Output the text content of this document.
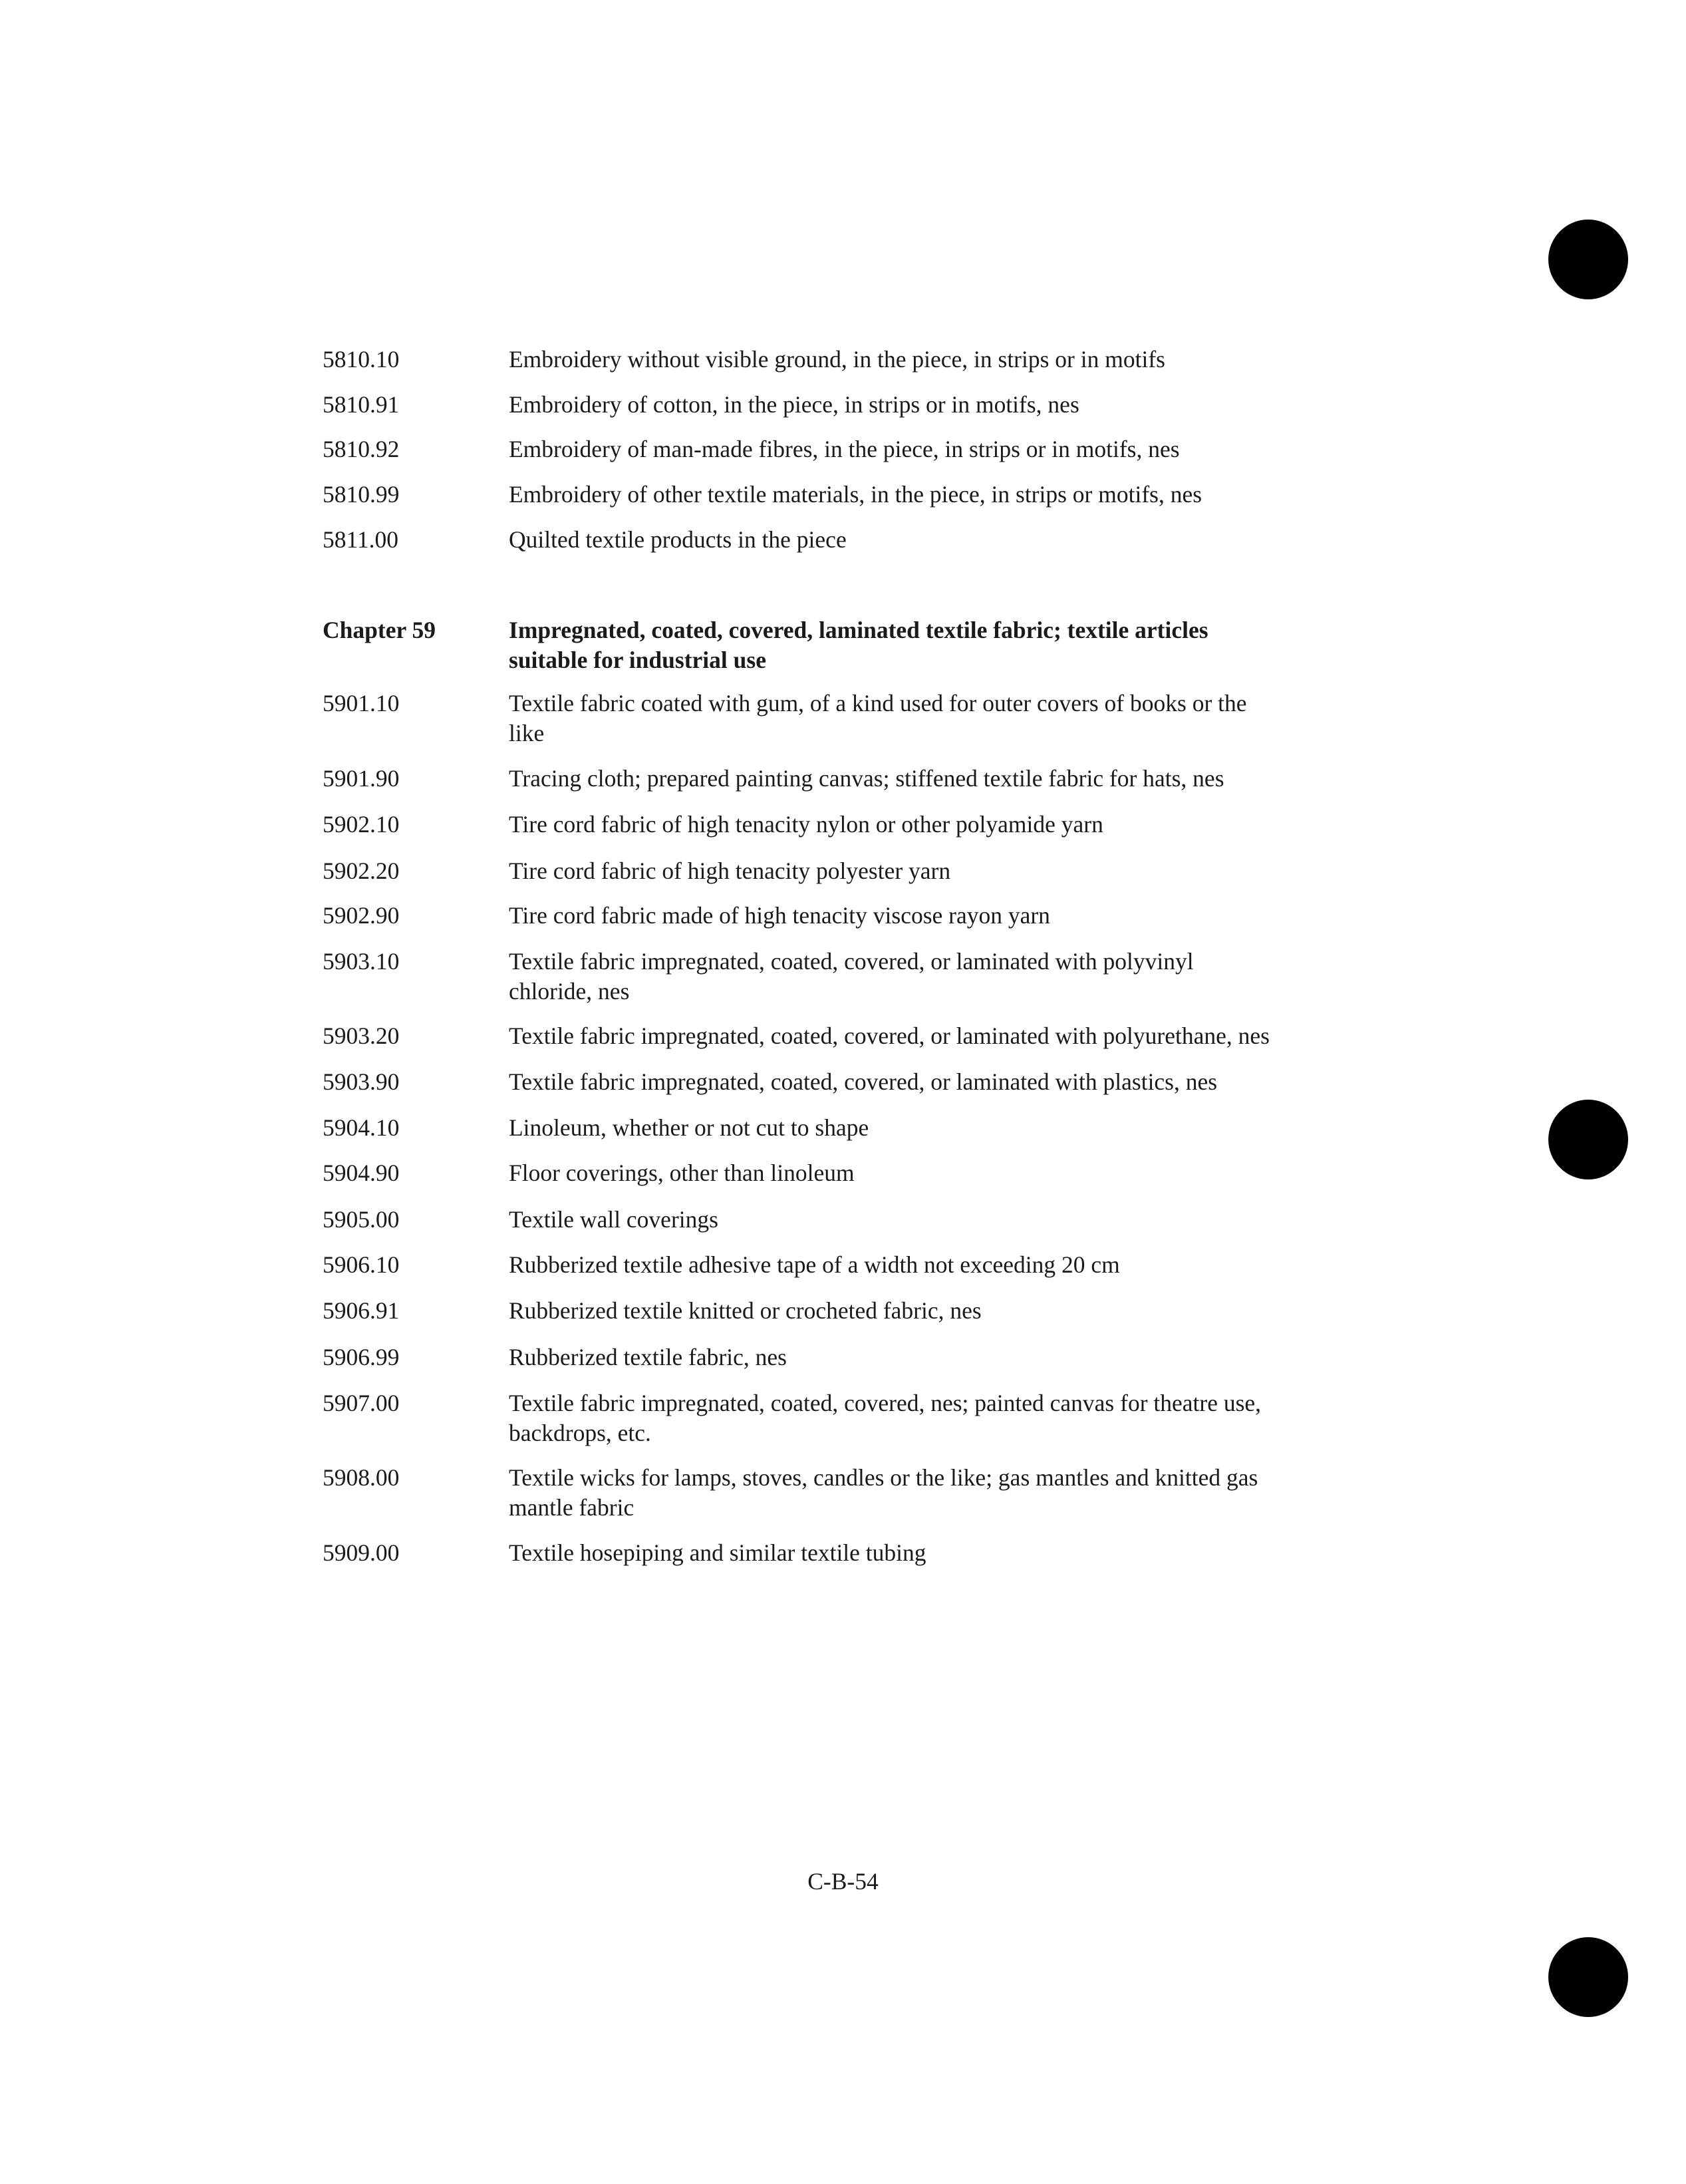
5810.10	Embroidery without visible ground, in the piece, in strips or in motifs
5810.91	Embroidery of cotton, in the piece, in strips or in motifs, nes
5810.92	Embroidery of man-made fibres, in the piece, in strips or in motifs, nes
5810.99	Embroidery of other textile materials, in the piece, in strips or motifs, nes
5811.00	Quilted textile products in the piece
Chapter 59	Impregnated, coated, covered, laminated textile fabric; textile articles
suitable for industrial use
5901.10	Textile fabric coated with gum, of a kind used for outer covers of books or the
like
5901.90	Tracing cloth; prepared painting canvas; stiffened textile fabric for hats, nes
5902.10	Tire cord fabric of high tenacity nylon or other polyamide yarn
5902.20	Tire cord fabric of high tenacity polyester yarn
5902.90	Tire cord fabric made of high tenacity viscose rayon yarn
5903.10	Textile fabric impregnated, coated, covered, or laminated with polyvinyl
chloride, nes
5903.20	Textile fabric impregnated, coated, covered, or laminated with polyurethane, nes
5903.90	Textile fabric impregnated, coated, covered, or laminated with plastics, nes
5904.10	Linoleum, whether or not cut to shape
5904.90	Floor coverings, other than linoleum
5905.00	Textile wall coverings
5906.10	Rubberized textile adhesive tape of a width not exceeding 20 cm
5906.91	Rubberized textile knitted or crocheted fabric, nes
5906.99	Rubberized textile fabric, nes
5907.00	Textile fabric impregnated, coated, covered, nes; painted canvas for theatre use,
backdrops, etc.
5908.00	Textile wicks for lamps, stoves, candles or the like; gas mantles and knitted gas
mantle fabric
5909.00	Textile hosepiping and similar textile tubing
C-B-54
